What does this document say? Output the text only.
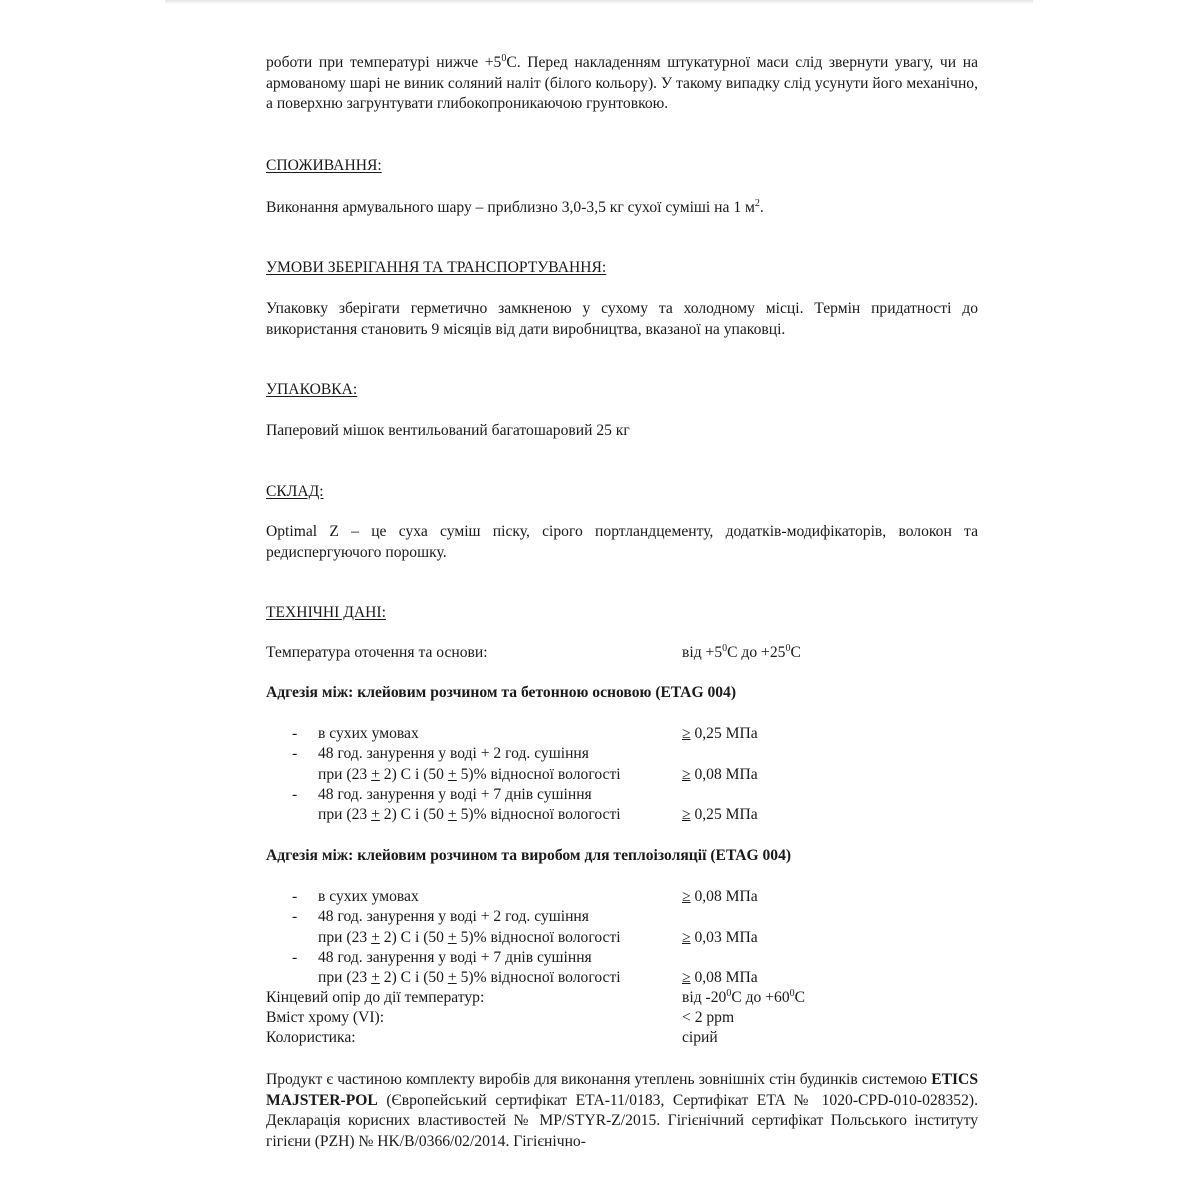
роботи при температурі нижче $+5^0С$. Перед накладенням штукатурної маси слід звернути увагу, чи на армованому шарі не виник соляний наліт (білого кольору). У такому випадку слід усунути його механічно, а поверхню загрунтувати глибокопроникаючою грунтовкою.

СПОЖИВАННЯ:

Виконання армувального шару – приблизно 3,0-3,5 кг сухої суміші на 1 $м^2$.

УМОВИ ЗБЕРІГАННЯ ТА ТРАНСПОРТУВАННЯ:

Упаковку зберігати герметично замкненою у сухому та холодному місці. Термін придатності до використання становить 9 місяців від дати виробництва, вказаної на упаковці.

УПАКОВКА:

Паперовий мішок вентильований багатошаровий 25 кг

СКЛАД:

Optimal Z – це суха суміш піску, сірого портландцементу, додатків-модифікаторів, волокон та редиспергуючого порошку.

ТЕХНІЧНІ ДАНІ:
Температура оточення та основи:	від $+5^0С$ до $+25^0С$

Адгезія між: клейовим розчином та бетонною основою (ETAG 004)

- в сухих умовах	≥ 0,25 МПа
- 48 год. занурення у воді + 2 год. сушіння
при (23 + 2) С і (50 + 5)% відносної вологості	≥ 0,08 МПа
- 48 год. занурення у воді + 7 днів сушіння
при (23 + 2) С і (50 + 5)% відносної вологості	≥ 0,25 МПа

Адгезія між: клейовим розчином та виробом для теплоізоляції (ETAG 004)

- в сухих умовах	≥ 0,08 МПа
- 48 год. занурення у воді + 2 год. сушіння
при (23 + 2) С і (50 + 5)% відносної вологості	≥ 0,03 МПа
- 48 год. занурення у воді + 7 днів сушіння
при (23 + 2) С і (50 + 5)% відносної вологості	≥ 0,08 МПа
Кінцевий опір до дії температур:	від $-20^0С$ до $+60^0С$
Вміст хрому (VI):	< 2 ppm
Колористика:	сірий

Продукт є частиною комплекту виробів для виконання утеплень зовнішніх стін будинків системою ETICS MAJSTER-POL (Європейський сертифікат ETA-11/0183, Сертифікат ETA № 1020-CPD-010-028352). Декларація корисних властивостей № MP/STYR-Z/2015. Гігієнічний сертифікат Польського інституту гігієни (PZH) № HK/B/0366/02/2014. Гігієнічно-
